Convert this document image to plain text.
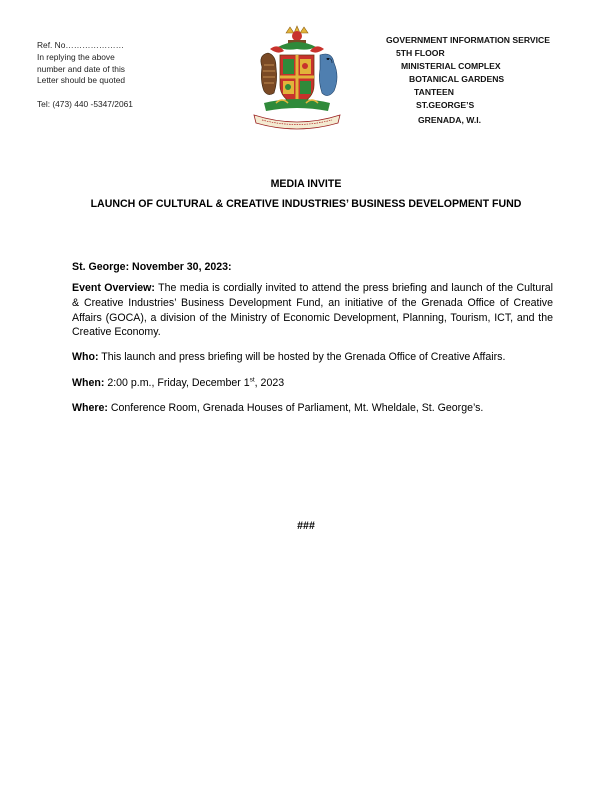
Ref. No…………………
In replying the above
number and date of this
Letter should be quoted
Tel: (473) 440 -5347/2061
GOVERNMENT INFORMATION SERVICE
5TH FLOOR
MINISTERIAL COMPLEX
BOTANICAL GARDENS
TANTEEN
ST.GEORGE’S
GRENADA, W.I.
MEDIA INVITE
LAUNCH OF CULTURAL & CREATIVE INDUSTRIES’ BUSINESS DEVELOPMENT FUND
St. George: November 30, 2023:
Event Overview: The media is cordially invited to attend the press briefing and launch of the Cultural & Creative Industries’ Business Development Fund, an initiative of the Grenada Office of Creative Affairs (GOCA), a division of the Ministry of Economic Development, Planning, Tourism, ICT, and the Creative Economy.
Who: This launch and press briefing will be hosted by the Grenada Office of Creative Affairs.
When: 2:00 p.m., Friday, December 1st, 2023
Where: Conference Room, Grenada Houses of Parliament, Mt. Wheldale, St. George’s.
###
